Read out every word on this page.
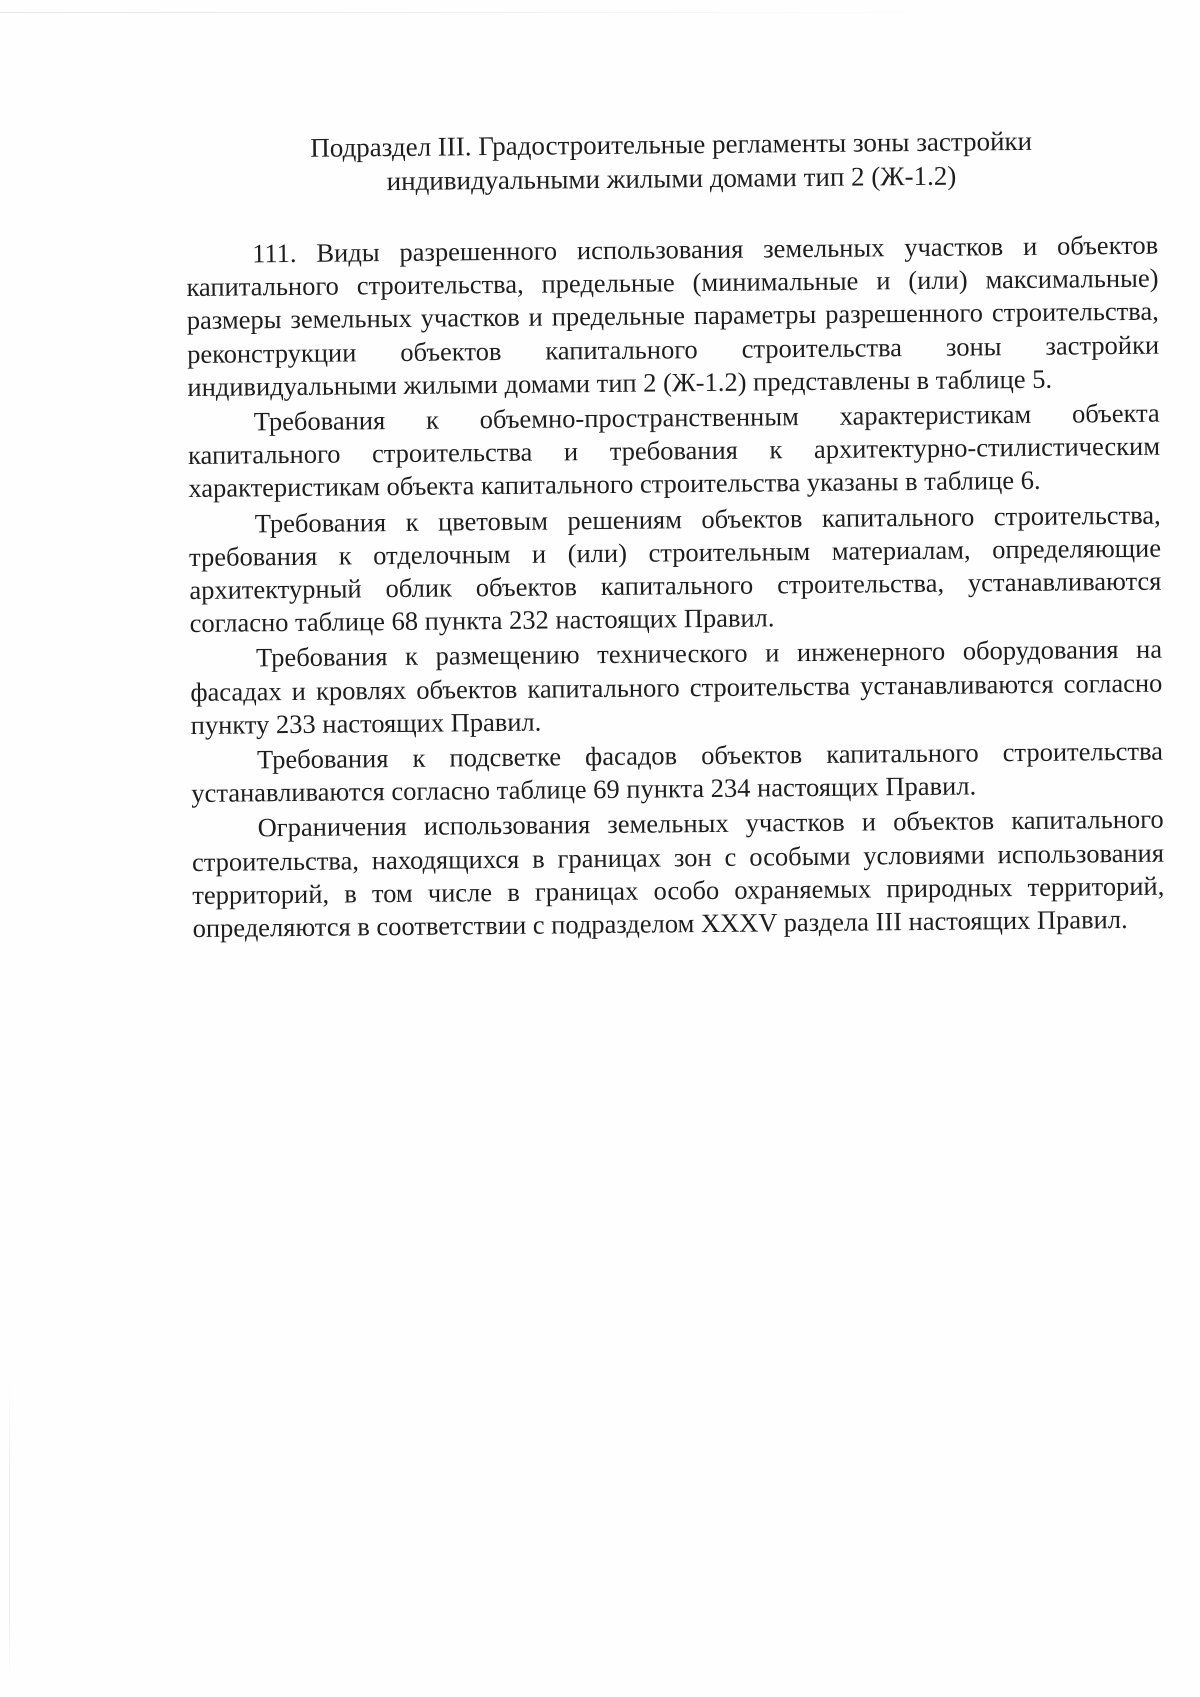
Подраздел III. Градостроительные регламенты зоны застройки
индивидуальными жилыми домами тип 2 (Ж-1.2)

111. Виды разрешенного использования земельных участков и объектов капитального строительства, предельные (минимальные и (или) максимальные) размеры земельных участков и предельные параметры разрешенного строительства, реконструкции объектов капитального строительства зоны застройки индивидуальными жилыми домами тип 2 (Ж-1.2) представлены в таблице 5.

Требования к объемно-пространственным характеристикам объекта капитального строительства и требования к архитектурно-стилистическим характеристикам объекта капитального строительства указаны в таблице 6.

Требования к цветовым решениям объектов капитального строительства, требования к отделочным и (или) строительным материалам, определяющие архитектурный облик объектов капитального строительства, устанавливаются согласно таблице 68 пункта 232 настоящих Правил.

Требования к размещению технического и инженерного оборудования на фасадах и кровлях объектов капитального строительства устанавливаются согласно пункту 233 настоящих Правил.

Требования к подсветке фасадов объектов капитального строительства устанавливаются согласно таблице 69 пункта 234 настоящих Правил.

Ограничения использования земельных участков и объектов капитального строительства, находящихся в границах зон с особыми условиями использования территорий, в том числе в границах особо охраняемых природных территорий, определяются в соответствии с подразделом XXXV раздела III настоящих Правил.
